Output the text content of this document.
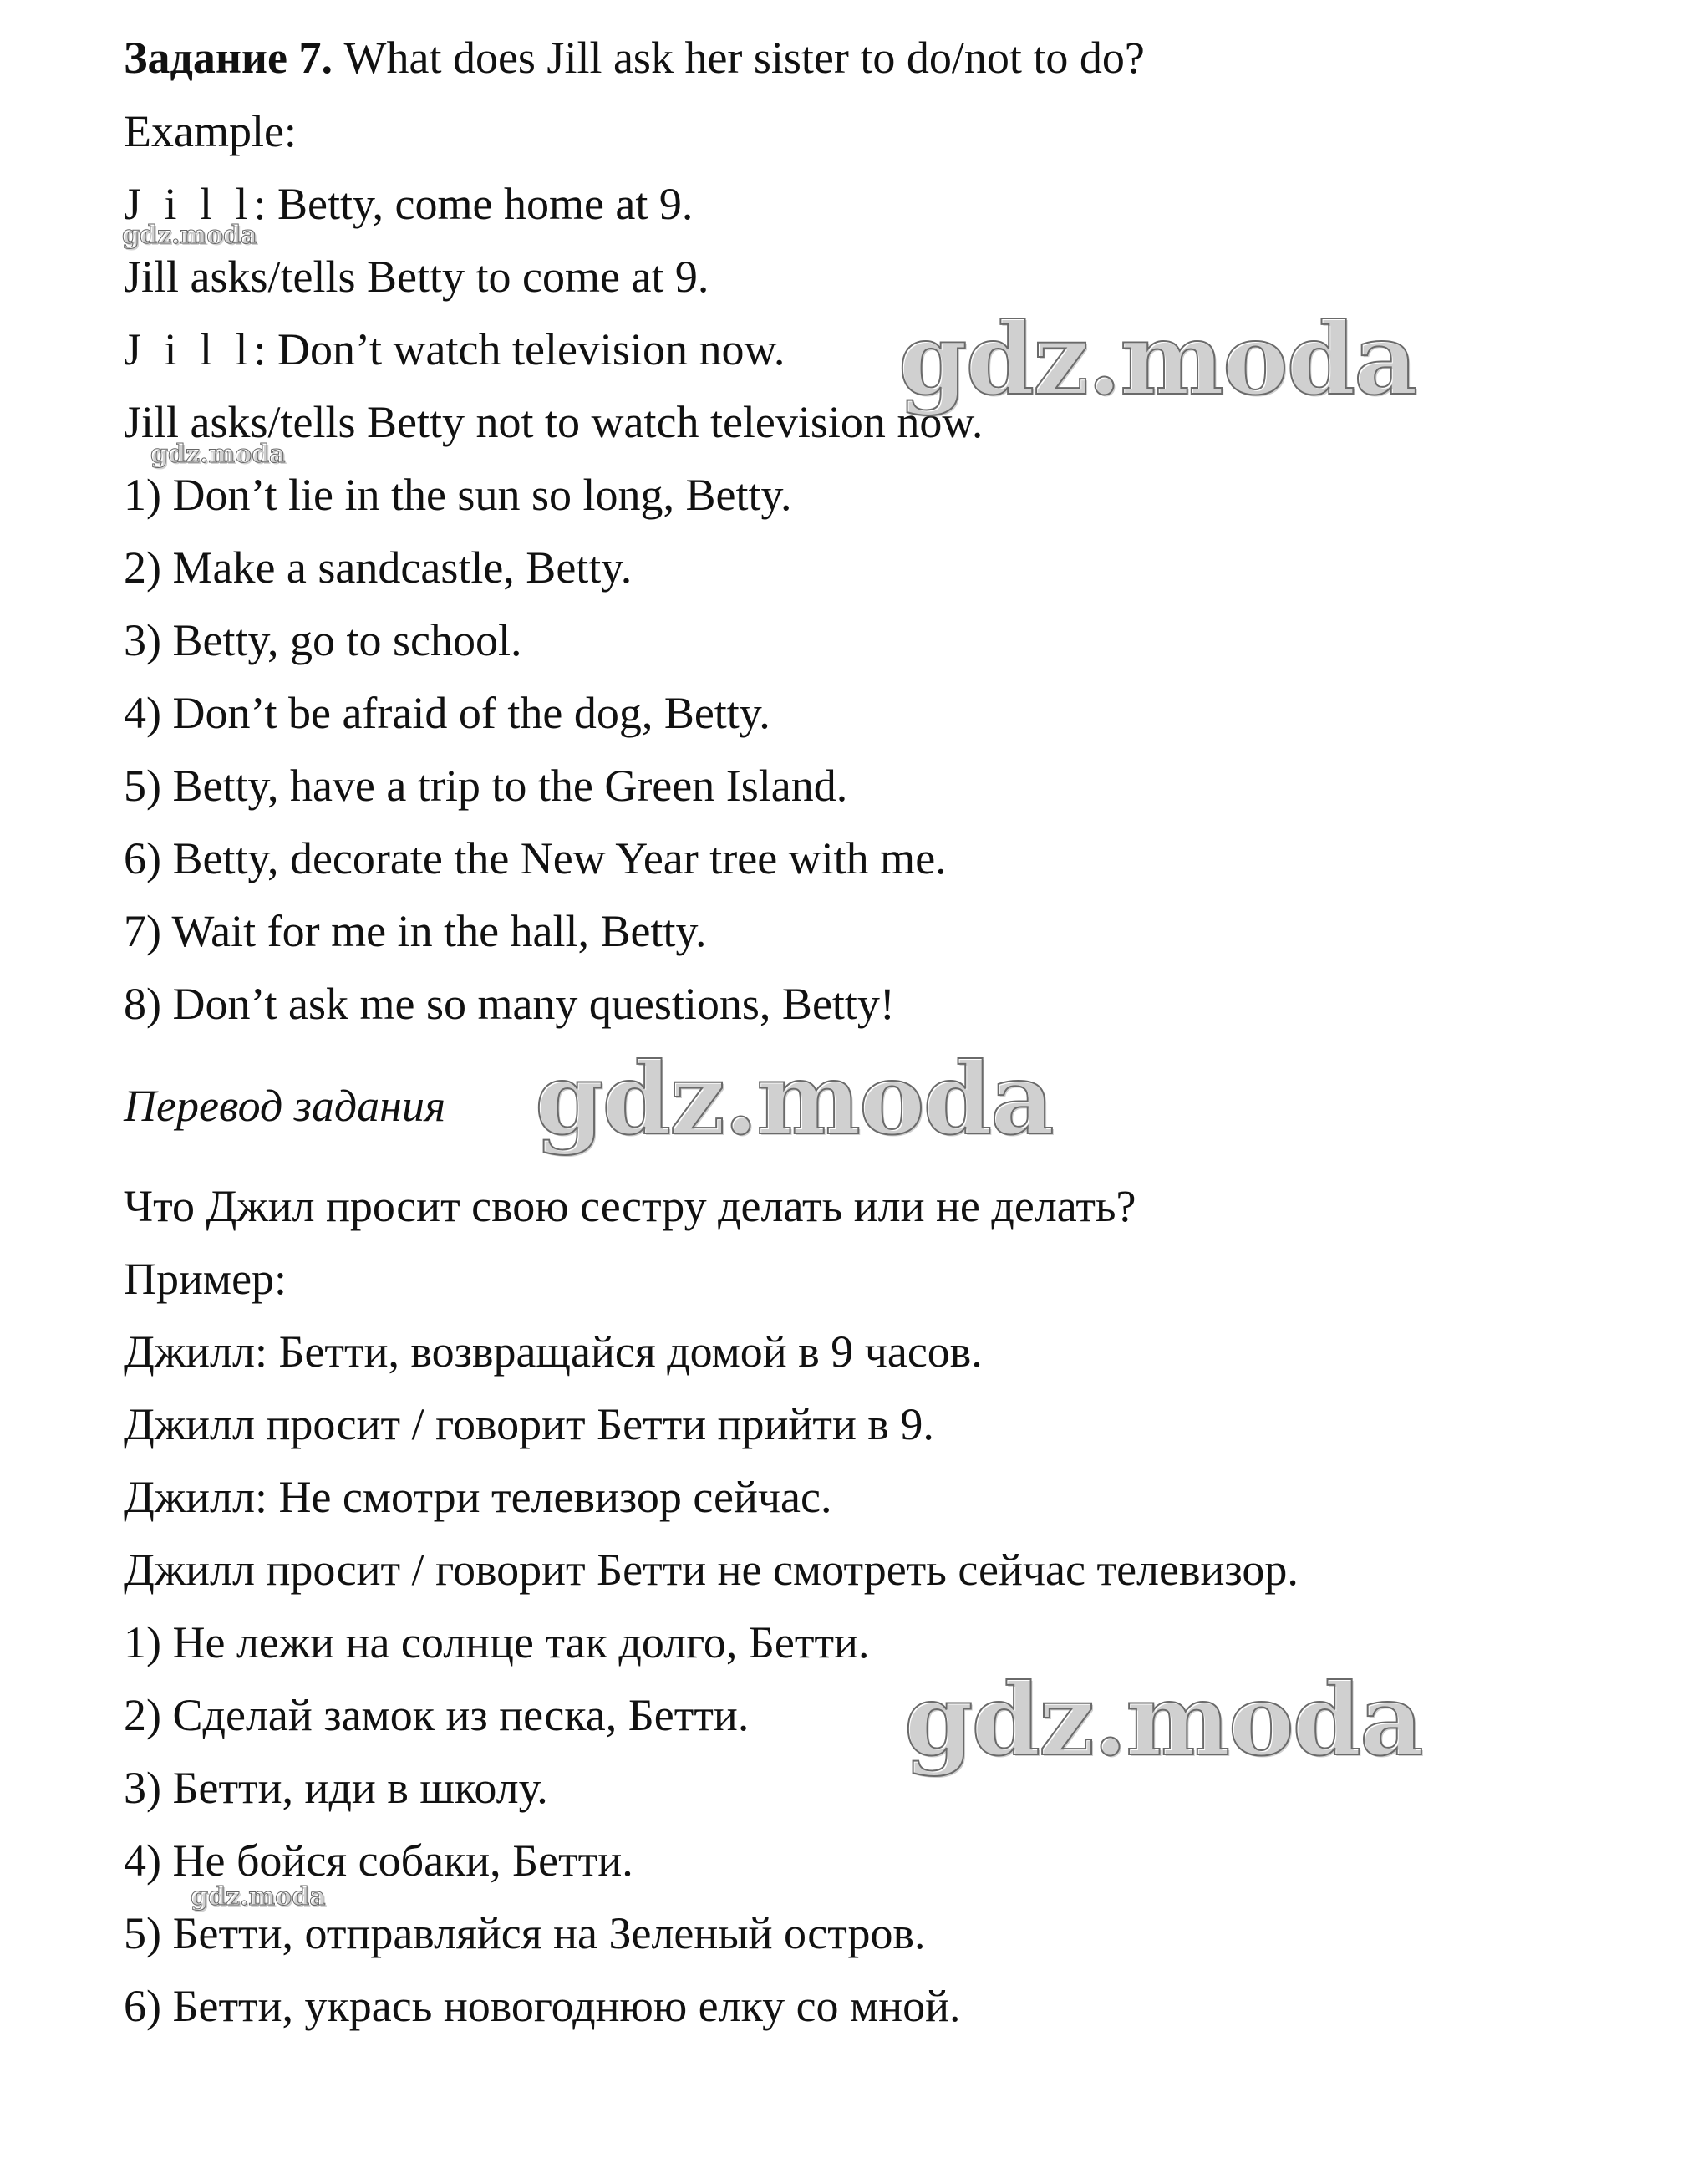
Задание 7. What does Jill ask her sister to do/not to do?

Example:

J i l l: Betty, come home at 9.

Jill asks/tells Betty to come at 9.

J i l l: Don’t watch television now.

Jill asks/tells Betty not to watch television now.

1) Don’t lie in the sun so long, Betty.

2) Make a sandcastle, Betty.

3) Betty, go to school.

4) Don’t be afraid of the dog, Betty.

5) Betty, have a trip to the Green Island.

6) Betty, decorate the New Year tree with me.

7) Wait for me in the hall, Betty.

8) Don’t ask me so many questions, Betty!

Перевод задания

Что Джил просит свою сестру делать или не делать?

Пример:

Джилл: Бетти, возвращайся домой в 9 часов.

Джилл просит / говорит Бетти прийти в 9.

Джилл: Не смотри телевизор сейчас.

Джилл просит / говорит Бетти не смотреть сейчас телевизор.

1) Не лежи на солнце так долго, Бетти.

2) Сделай замок из песка, Бетти.

3) Бетти, иди в школу.

4) Не бойся собаки, Бетти.

5) Бетти, отправляйся на Зеленый остров.

6) Бетти, укрась новогоднюю елку со мной.

gdz.moda
gdz.moda
gdz.moda
gdz.moda
gdz.moda
gdz.moda
